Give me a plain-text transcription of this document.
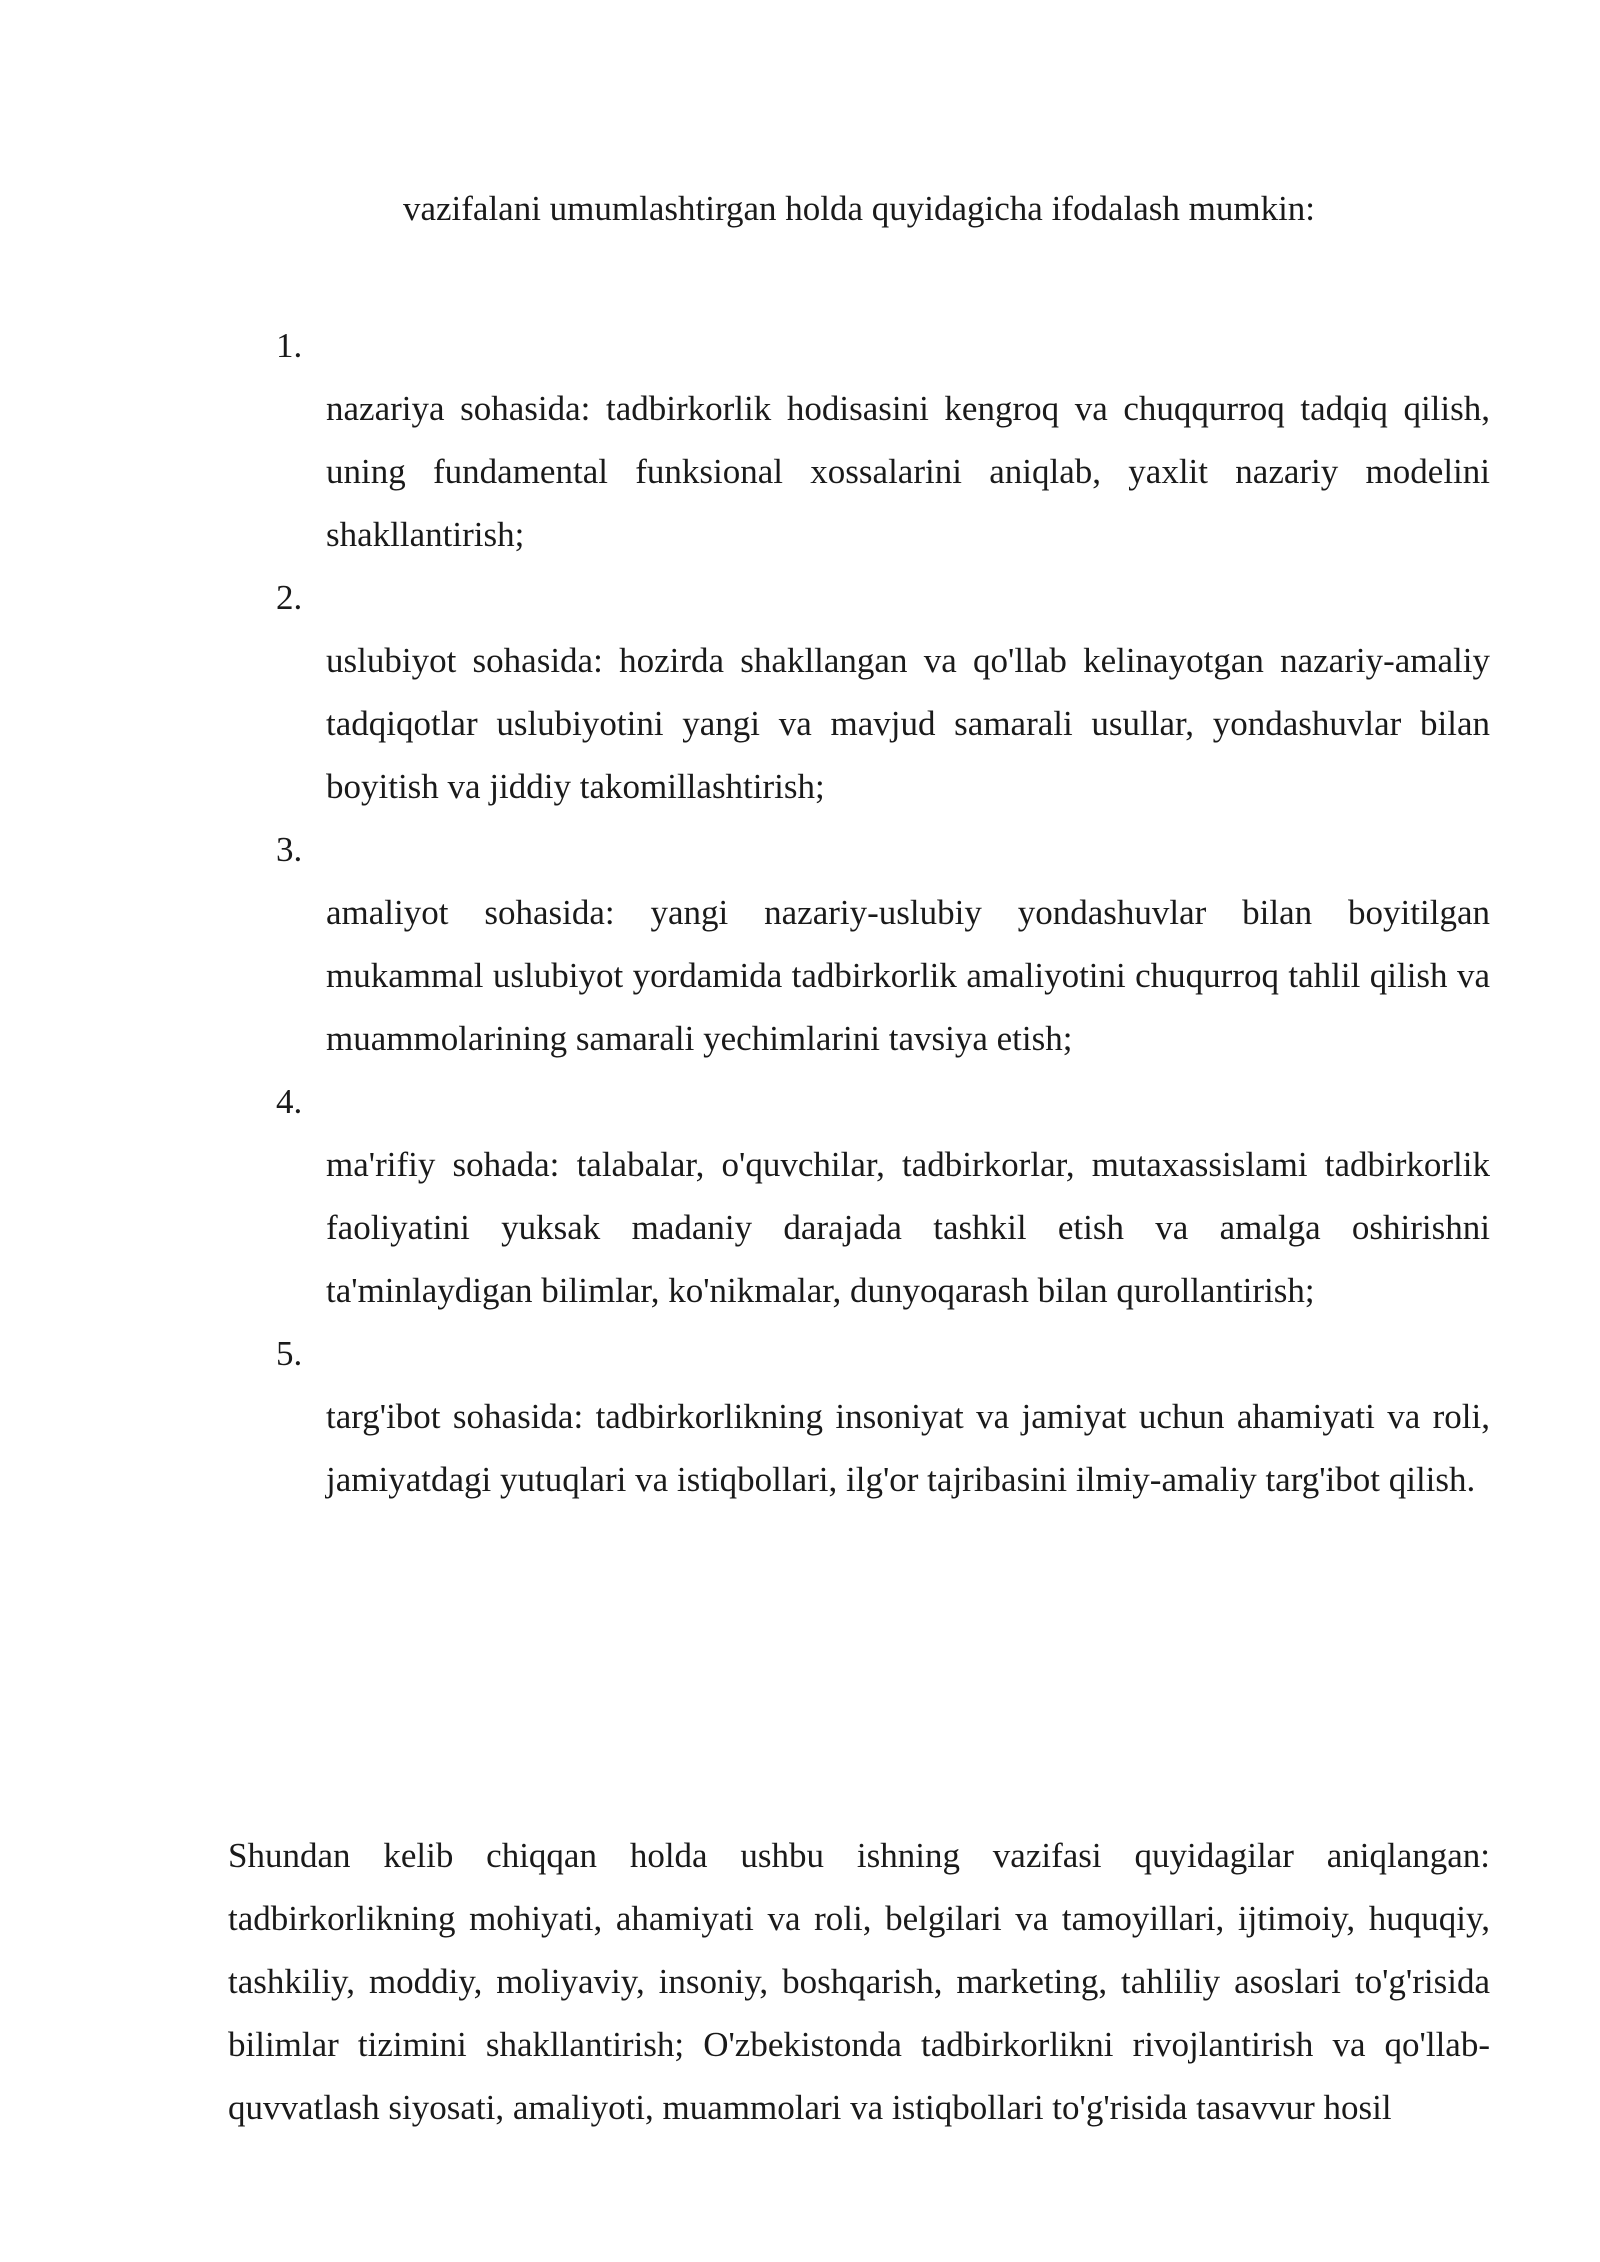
vazifalani umumlashtirgan holda quyidagicha ifodalash mumkin:

1.
nazariya sohasida: tadbirkorlik hodisasini kengroq va chuqqurroq tadqiq qilish, uning fundamental funksional xossalarini aniqlab, yaxlit nazariy modelini shakllantirish;
2.
uslubiyot sohasida: hozirda shakllangan va qo'llab kelinayotgan nazariy-amaliy tadqiqotlar uslubiyotini yangi va mavjud samarali usullar, yondashuvlar bilan boyitish va jiddiy takomillashtirish;
3.
amaliyot sohasida: yangi nazariy-uslubiy yondashuvlar bilan boyitilgan mukammal uslubiyot yordamida tadbirkorlik amaliyotini chuqurroq tahlil qilish va muammolarining samarali yechimlarini tavsiya etish;
4.
ma'rifiy sohada: talabalar, o'quvchilar, tadbirkorlar, mutaxassislami tadbirkorlik faoliyatini yuksak madaniy darajada tashkil etish va amalga oshirishni ta'minlaydigan bilimlar, ko'nikmalar, dunyoqarash bilan qurollantirish;
5.
targ'ibot sohasida: tadbirkorlikning insoniyat va jamiyat uchun ahamiyati va roli, jamiyatdagi yutuqlari va istiqbollari, ilg'or tajribasini ilmiy-amaliy targ'ibot qilish.

Shundan kelib chiqqan holda ushbu ishning vazifasi quyidagilar aniqlangan: tadbirkorlikning mohiyati, ahamiyati va roli, belgilari va tamoyillari, ijtimoiy, huquqiy, tashkiliy, moddiy, moliyaviy, insoniy, boshqarish, marketing, tahliliy asoslari to'g'risida bilimlar tizimini shakllantirish; O'zbekistonda tadbirkorlikni rivojlantirish va qo'llab-quvvatlash siyosati, amaliyoti, muammolari va istiqbollari to'g'risida tasavvur hosil
